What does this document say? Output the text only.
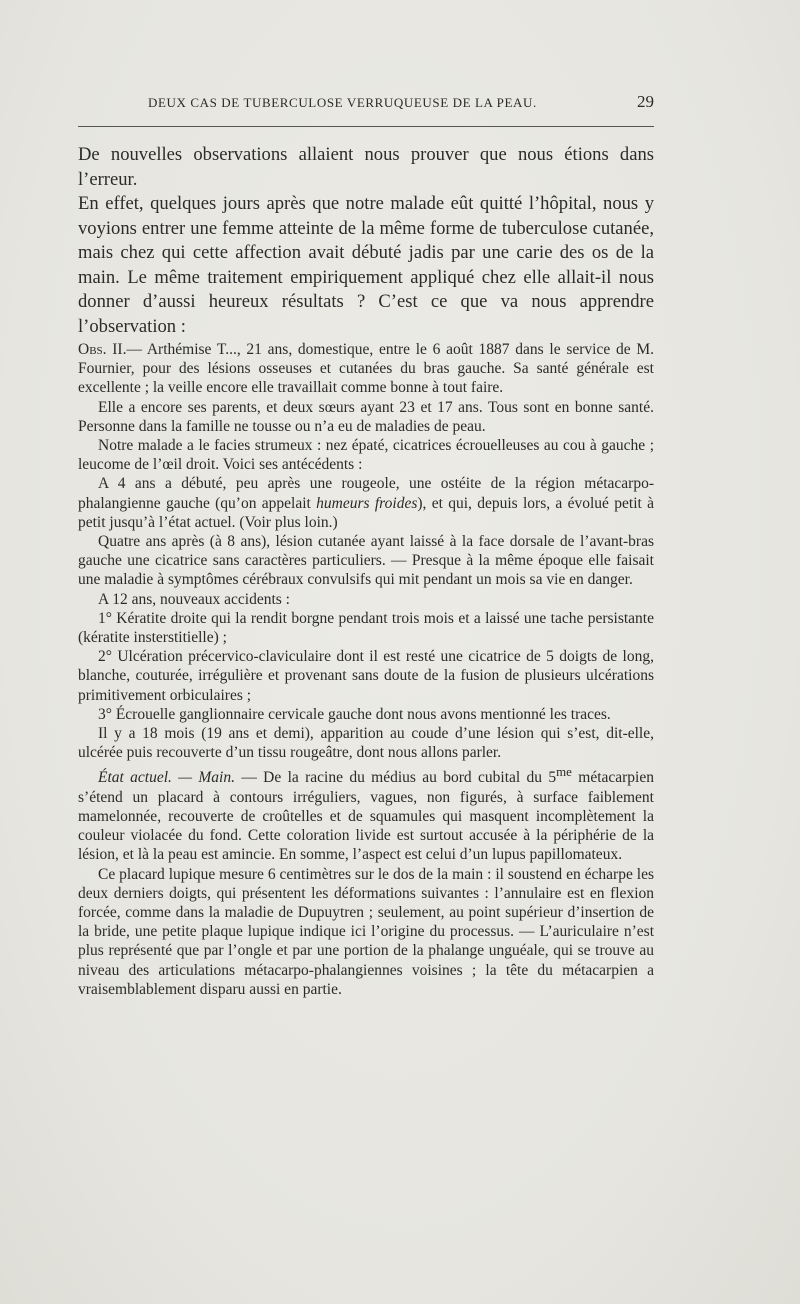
DEUX CAS DE TUBERCULOSE VERRUQUEUSE DE LA PEAU.	29

De nouvelles observations allaient nous prouver que nous étions dans l’erreur.

En effet, quelques jours après que notre malade eût quitté l’hôpital, nous y voyions entrer une femme atteinte de la même forme de tuberculose cutanée, mais chez qui cette affection avait débuté jadis par une carie des os de la main. Le même traitement empiriquement appliqué chez elle allait-il nous donner d’aussi heureux résultats ? C’est ce que va nous apprendre l’observation :

Obs. II.— Arthémise T..., 21 ans, domestique, entre le 6 août 1887 dans le service de M. Fournier, pour des lésions osseuses et cutanées du bras gauche. Sa santé générale est excellente ; la veille encore elle travaillait comme bonne à tout faire.

Elle a encore ses parents, et deux sœurs ayant 23 et 17 ans. Tous sont en bonne santé. Personne dans la famille ne tousse ou n’a eu de maladies de peau.

Notre malade a le facies strumeux : nez épaté, cicatrices écrouelleuses au cou à gauche ; leucome de l’œil droit. Voici ses antécédents :

A 4 ans a débuté, peu après une rougeole, une ostéite de la région métacarpo-phalangienne gauche (qu’on appelait humeurs froides), et qui, depuis lors, a évolué petit à petit jusqu’à l’état actuel. (Voir plus loin.)

Quatre ans après (à 8 ans), lésion cutanée ayant laissé à la face dorsale de l’avant-bras gauche une cicatrice sans caractères particuliers. — Presque à la même époque elle faisait une maladie à symptômes cérébraux convulsifs qui mit pendant un mois sa vie en danger.

A 12 ans, nouveaux accidents :

1° Kératite droite qui la rendit borgne pendant trois mois et a laissé une tache persistante (kératite insterstitielle) ;

2° Ulcération précervico-claviculaire dont il est resté une cicatrice de 5 doigts de long, blanche, couturée, irrégulière et provenant sans doute de la fusion de plusieurs ulcérations primitivement orbiculaires ;

3° Écrouelle ganglionnaire cervicale gauche dont nous avons mentionné les traces.

Il y a 18 mois (19 ans et demi), apparition au coude d’une lésion qui s’est, dit-elle, ulcérée puis recouverte d’un tissu rougeâtre, dont nous allons parler.

État actuel. — Main. — De la racine du médius au bord cubital du $5^{me}$ métacarpien s’étend un placard à contours irréguliers, vagues, non figurés, à surface faiblement mamelonnée, recouverte de croûtelles et de squamules qui masquent incomplètement la couleur violacée du fond. Cette coloration livide est surtout accusée à la périphérie de la lésion, et là la peau est amincie. En somme, l’aspect est celui d’un lupus papillomateux.

Ce placard lupique mesure 6 centimètres sur le dos de la main : il soustend en écharpe les deux derniers doigts, qui présentent les déformations suivantes : l’annulaire est en flexion forcée, comme dans la maladie de Dupuytren ; seulement, au point supérieur d’insertion de la bride, une petite plaque lupique indique ici l’origine du processus. — L’auriculaire n’est plus représenté que par l’ongle et par une portion de la phalange unguéale, qui se trouve au niveau des articulations métacarpo-phalangiennes voisines ; la tête du métacarpien a vraisemblablement disparu aussi en partie.
